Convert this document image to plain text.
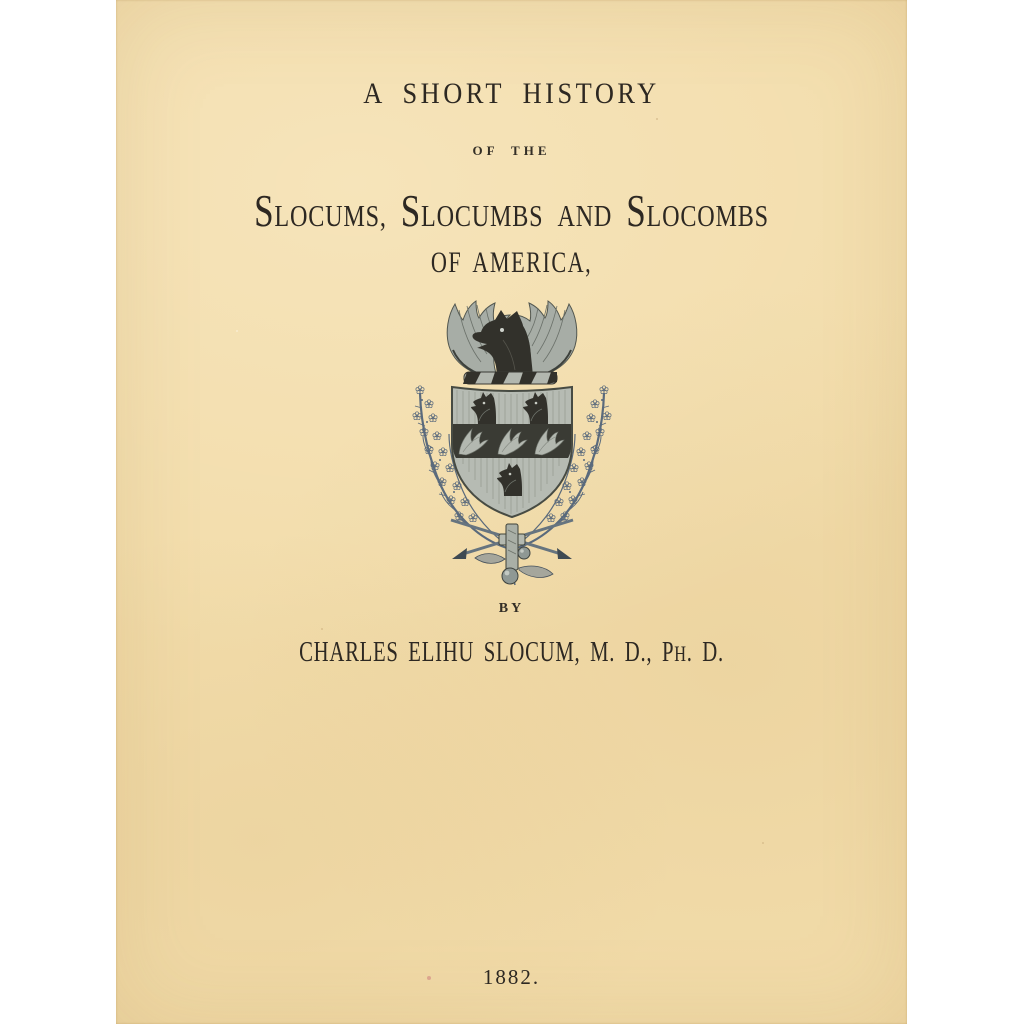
A SHORT HISTORY
OF THE
SLOCUMS, SLOCUMBS AND SLOCOMBS
OF AMERICA,
BY
CHARLES ELIHU SLOCUM, M. D., PH. D.
1882.
